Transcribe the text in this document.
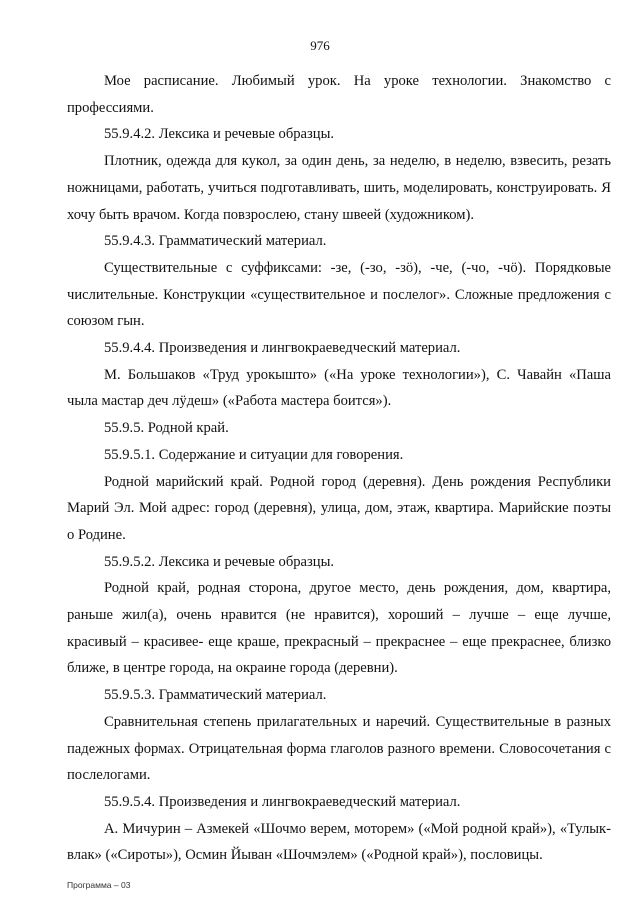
976

Мое расписание. Любимый урок. На уроке технологии. Знакомство с профессиями.

55.9.4.2. Лексика и речевые образцы.

Плотник, одежда для кукол, за один день, за неделю, в неделю, взвесить, резать ножницами, работать, учиться подготавливать, шить, моделировать, конструировать. Я хочу быть врачом. Когда повзрослею, стану швеей (художником).

55.9.4.3. Грамматический материал.

Существительные с суффиксами: -зе, (-зо, -зӧ), -че, (-чо, -чӧ). Порядковые числительные. Конструкции «существительное и послелог». Сложные предложения с союзом гын.

55.9.4.4. Произведения и лингвокраеведческий материал.

М. Большаков «Труд урокышто» («На уроке технологии»), С. Чавайн «Паша чыла мастар деч лӱдеш» («Работа мастера боится»).

55.9.5. Родной край.

55.9.5.1. Содержание и ситуации для говорения.

Родной марийский край. Родной город (деревня). День рождения Республики Марий Эл. Мой адрес: город (деревня), улица, дом, этаж, квартира. Марийские поэты о Родине.

55.9.5.2. Лексика и речевые образцы.

Родной край, родная сторона, другое место, день рождения, дом, квартира, раньше жил(а), очень нравится (не нравится), хороший – лучше – еще лучше, красивый – красивее- еще краше, прекрасный – прекраснее – еще прекраснее, близко ближе, в центре города, на окраине города (деревни).

55.9.5.3. Грамматический материал.

Сравнительная степень прилагательных и наречий. Существительные в разных падежных формах. Отрицательная форма глаголов разного времени. Словосочетания с послелогами.

55.9.5.4. Произведения и лингвокраеведческий материал.

А. Мичурин – Азмекей «Шочмо верем, моторем» («Мой родной край»), «Тулык-влак» («Сироты»), Осмин Йыван «Шочмэлем» («Родной край»), пословицы.

Программа – 03
